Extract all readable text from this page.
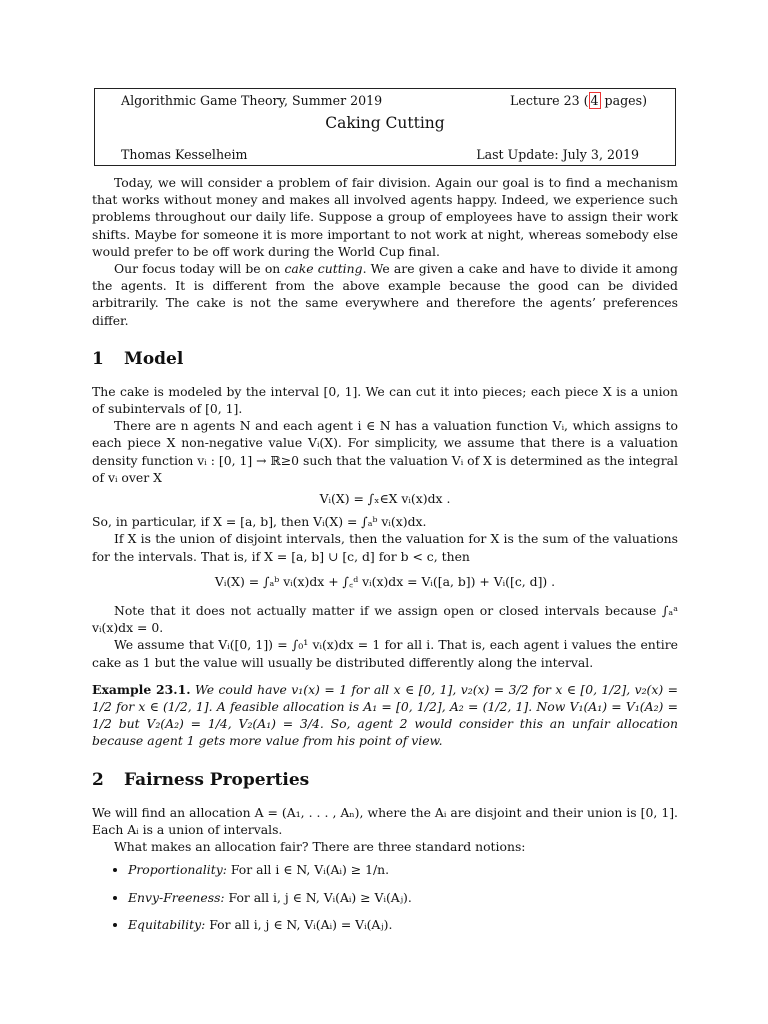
Algorithmic Game Theory, Summer 2019	Lecture 23 ( 4 pages)
Caking Cutting
Thomas Kesselheim	Last Update: July 3, 2019

Today, we will consider a problem of fair division. Again our goal is to find a mechanism that works without money and makes all involved agents happy. Indeed, we experience such problems throughout our daily life. Suppose a group of employees have to assign their work shifts. Maybe for someone it is more important to not work at night, whereas somebody else would prefer to be off work during the World Cup final.

Our focus today will be on cake cutting. We are given a cake and have to divide it among the agents. It is different from the above example because the good can be divided arbitrarily. The cake is not the same everywhere and therefore the agents’ preferences differ.

1 Model

The cake is modeled by the interval [0, 1]. We can cut it into pieces; each piece X is a union of subintervals of [0, 1].

There are n agents N and each agent i ∈ N has a valuation function Vᵢ, which assigns to each piece X non-negative value Vᵢ(X). For simplicity, we assume that there is a valuation density function vᵢ : [0, 1] → ℝ≥0 such that the valuation Vᵢ of X is determined as the integral of vᵢ over X

Vᵢ(X) = ∫ₓ∈X vᵢ(x)dx .

So, in particular, if X = [a, b], then Vᵢ(X) = ∫ₐᵇ vᵢ(x)dx.

If X is the union of disjoint intervals, then the valuation for X is the sum of the valuations for the intervals. That is, if X = [a, b] ∪ [c, d] for b < c, then

Vᵢ(X) = ∫ₐᵇ vᵢ(x)dx + ∫꜀ᵈ vᵢ(x)dx = Vᵢ([a, b]) + Vᵢ([c, d]) .

Note that it does not actually matter if we assign open or closed intervals because ∫ₐᵃ vᵢ(x)dx = 0.

We assume that Vᵢ([0, 1]) = ∫₀¹ vᵢ(x)dx = 1 for all i. That is, each agent i values the entire cake as 1 but the value will usually be distributed differently along the interval.

Example 23.1. We could have v₁(x) = 1 for all x ∈ [0, 1], v₂(x) = 3/2 for x ∈ [0, 1/2], v₂(x) = 1/2 for x ∈ (1/2, 1]. A feasible allocation is A₁ = [0, 1/2], A₂ = (1/2, 1]. Now V₁(A₁) = V₁(A₂) = 1/2 but V₂(A₂) = 1/4, V₂(A₁) = 3/4. So, agent 2 would consider this an unfair allocation because agent 1 gets more value from his point of view.

2 Fairness Properties

We will find an allocation A = (A₁, . . . , Aₙ), where the Aᵢ are disjoint and their union is [0, 1]. Each Aᵢ is a union of intervals.

What makes an allocation fair? There are three standard notions:

• Proportionality: For all i ∈ N, Vᵢ(Aᵢ) ≥ 1/n.
• Envy-Freeness: For all i, j ∈ N, Vᵢ(Aᵢ) ≥ Vᵢ(Aⱼ).
• Equitability: For all i, j ∈ N, Vᵢ(Aᵢ) = Vᵢ(Aⱼ).
